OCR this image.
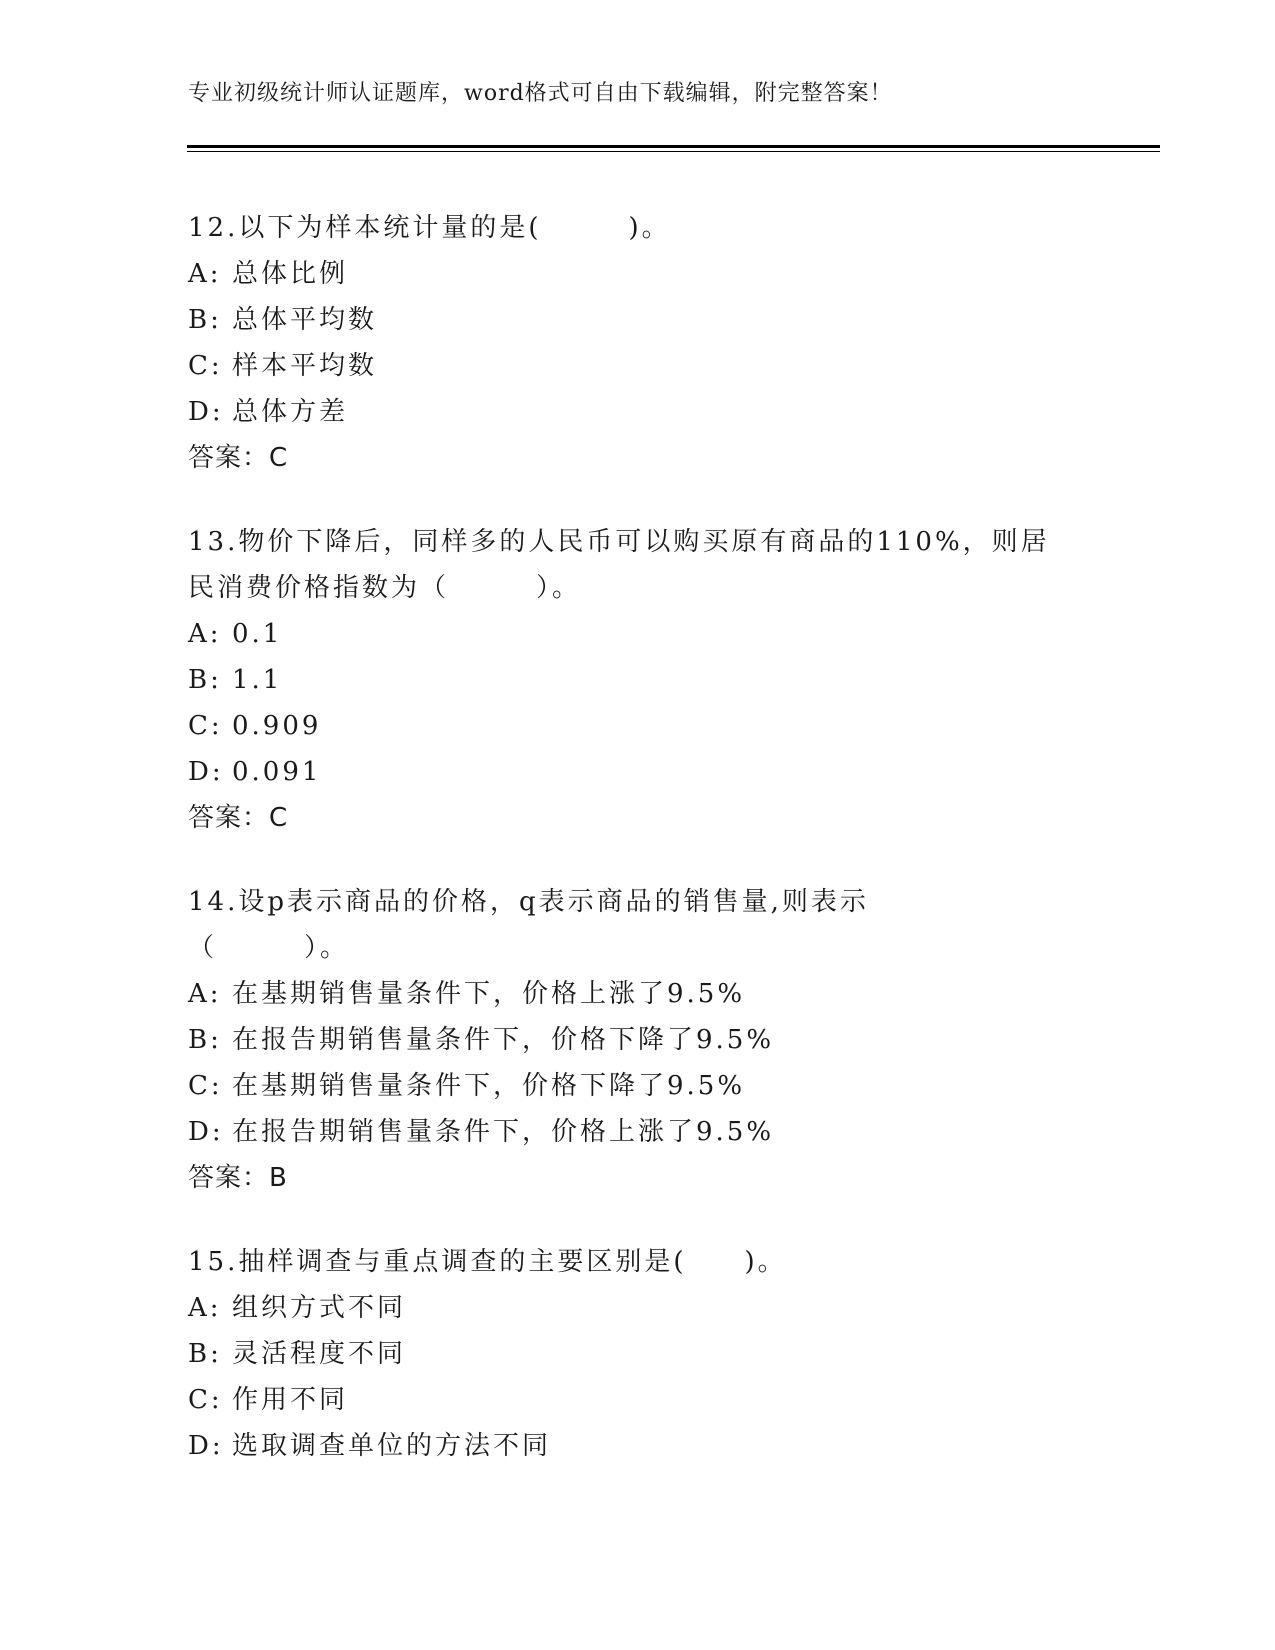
专业初级统计师认证题库，word格式可自由下载编辑，附完整答案！

12.以下为样本统计量的是(　　　)。

A: 总体比例

B: 总体平均数

C: 样本平均数

D: 总体方差

答案：C

13.物价下降后，同样多的人民币可以购买原有商品的110%，则居民消费价格指数为（　　　）。

A: 0.1

B: 1.1

C: 0.909

D: 0.091

答案：C

14.设p表示商品的价格，q表示商品的销售量,则表示（　　　）。

A: 在基期销售量条件下，价格上涨了9.5%

B: 在报告期销售量条件下，价格下降了9.5%

C: 在基期销售量条件下，价格下降了9.5%

D: 在报告期销售量条件下，价格上涨了9.5%

答案：B

15.抽样调查与重点调查的主要区别是(　　)。

A: 组织方式不同

B: 灵活程度不同

C: 作用不同

D: 选取调查单位的方法不同
